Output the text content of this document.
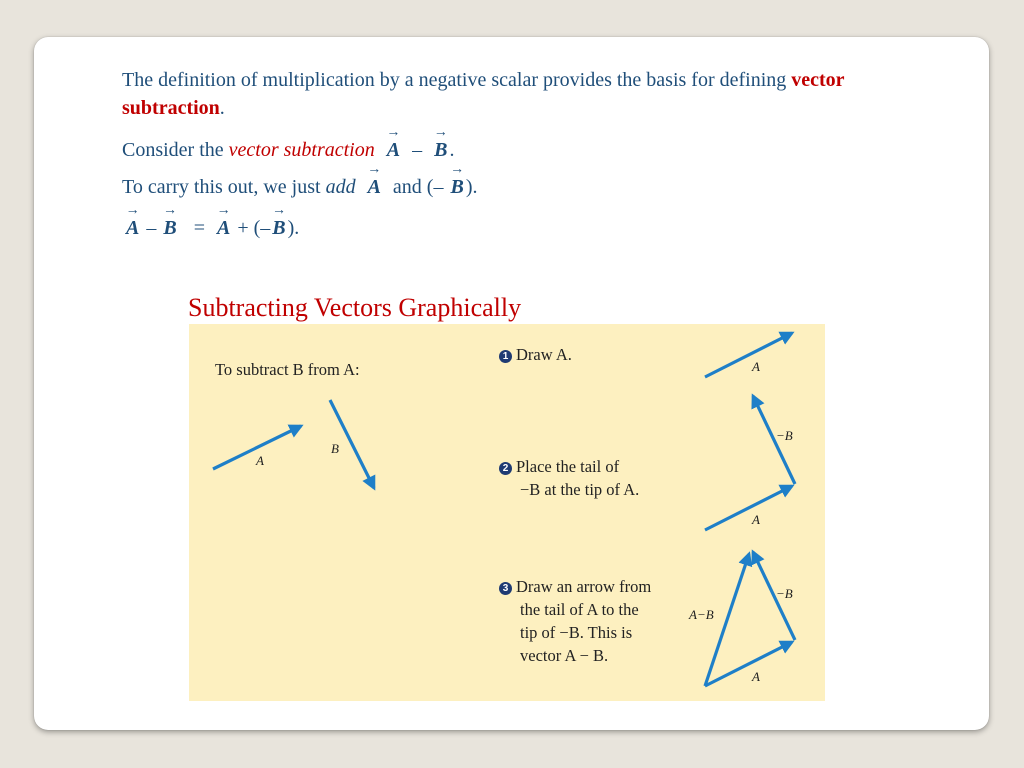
The definition of multiplication by a negative scalar provides the basis for defining vector subtraction.
Consider the vector subtraction → A – → B .
To carry this out, we just add → A and (– → B ).
→ A – → B = → A + (– → B ).
Subtracting Vectors Graphically
To subtract B from A:
A
B
1 Draw A.
A
2 Place the tail of
−B at the tip of A.
−B
A
3 Draw an arrow from
the tail of A to the
tip of −B. This is
vector A − B.
A−B
−B
A
